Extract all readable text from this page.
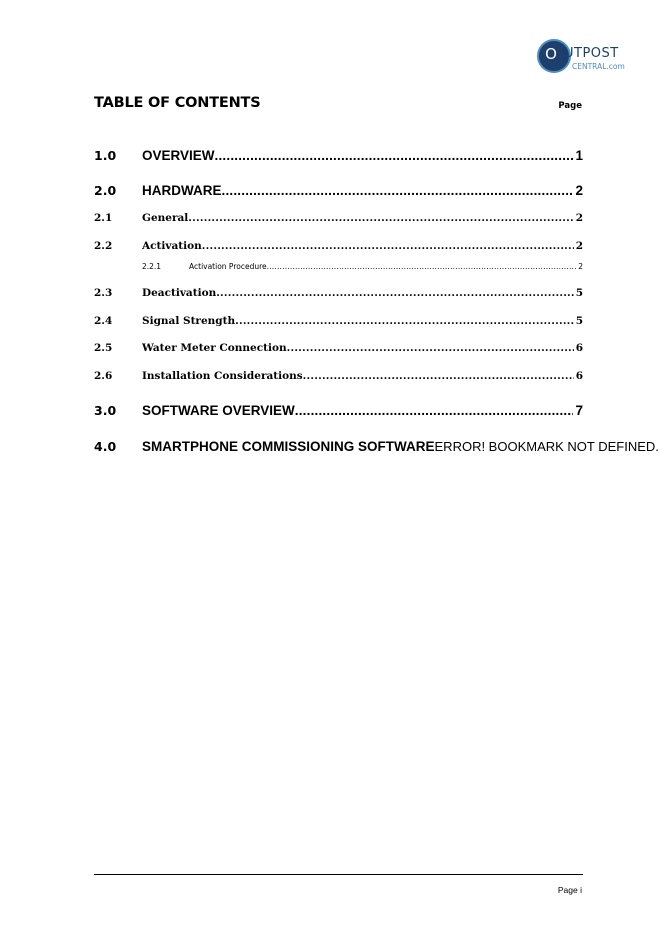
O UTPOST
CENTRAL.com
TABLE OF CONTENTS	Page
1.0 OVERVIEW .....	1
2.0 HARDWARE .....	2
2.1	General .....	2
2.2	Activation .....	2
2.2.1	Activation Procedure .....	2
2.3	Deactivation .....	5
2.4	Signal Strength .....	5
2.5	Water Meter Connection .....	6
2.6	Installation Considerations .....	6
3.0 SOFTWARE OVERVIEW .....	7
4.0 SMARTPHONE COMMISSIONING SOFTWARE ERROR! BOOKMARK NOT DEFINED.
Page i
